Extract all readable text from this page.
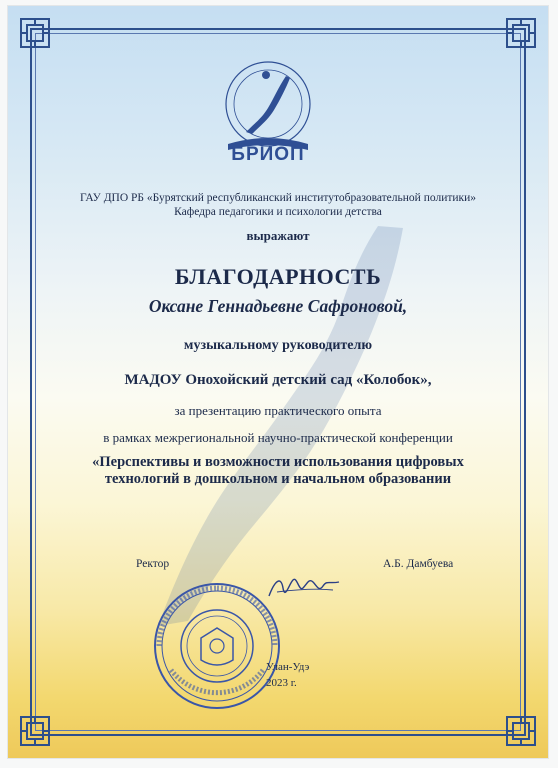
БРИОП
ГАУ ДПО РБ «Бурятский республиканский институтобразовательной политики»
Кафедра педагогики и психологии детства
выражают
БЛАГОДАРНОСТЬ
Оксане Геннадьевне Сафроновой,
музыкальному руководителю
МАДОУ Онохойский детский сад «Колобок»,
за презентацию практического опыта
в рамках межрегиональной научно-практической конференции
«Перспективы и возможности использования цифровых
технологий в дошкольном и начальном образовании
Ректор	А.Б. Дамбуева
Улан-Удэ
2023 г.
